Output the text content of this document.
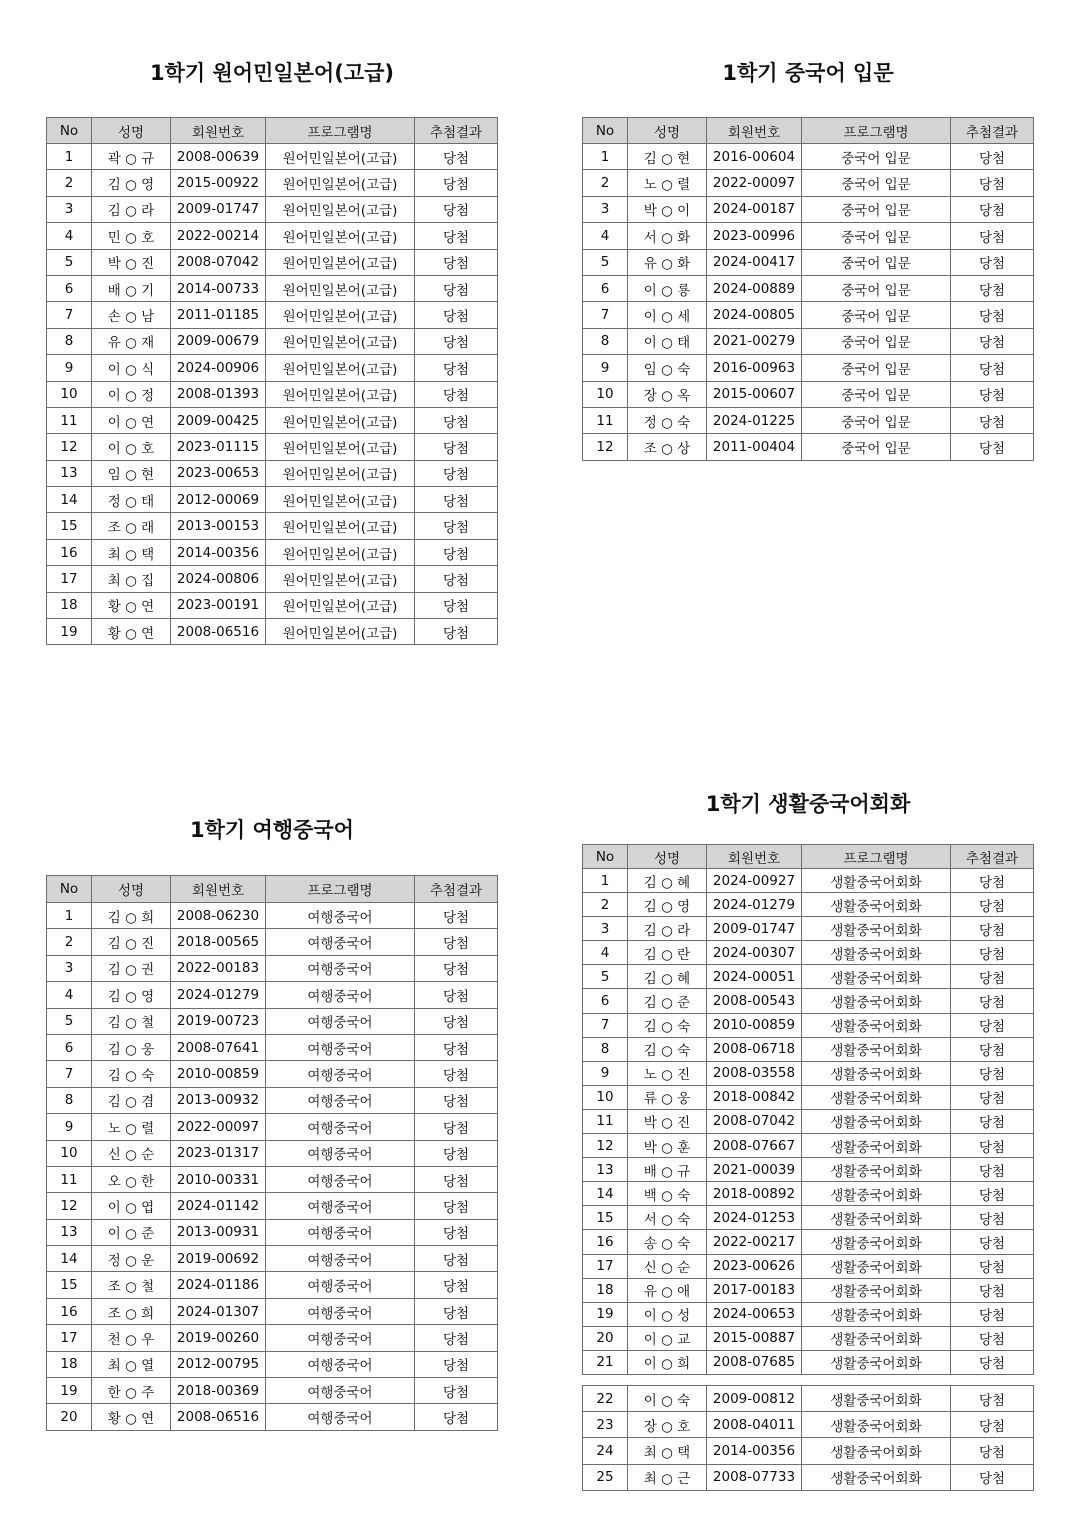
1학기 원어민일본어(고급)	1학기 중국어 입문
1학기 여행중국어
1학기 생활중국어회화
No	성명	회원번호	프로그램명	추첨결과
1	곽 ○ 규	2008-00639	원어민일본어(고급)	당첨
2	김 ○ 영	2015-00922	원어민일본어(고급)	당첨
3	김 ○ 라	2009-01747	원어민일본어(고급)	당첨
4	민 ○ 호	2022-00214	원어민일본어(고급)	당첨
5	박 ○ 진	2008-07042	원어민일본어(고급)	당첨
6	배 ○ 기	2014-00733	원어민일본어(고급)	당첨
7	손 ○ 남	2011-01185	원어민일본어(고급)	당첨
8	유 ○ 재	2009-00679	원어민일본어(고급)	당첨
9	이 ○ 식	2024-00906	원어민일본어(고급)	당첨
10	이 ○ 정	2008-01393	원어민일본어(고급)	당첨
11	이 ○ 연	2009-00425	원어민일본어(고급)	당첨
12	이 ○ 호	2023-01115	원어민일본어(고급)	당첨
13	임 ○ 현	2023-00653	원어민일본어(고급)	당첨
14	정 ○ 태	2012-00069	원어민일본어(고급)	당첨
15	조 ○ 래	2013-00153	원어민일본어(고급)	당첨
16	최 ○ 택	2014-00356	원어민일본어(고급)	당첨
17	최 ○ 집	2024-00806	원어민일본어(고급)	당첨
18	황 ○ 연	2023-00191	원어민일본어(고급)	당첨
19	황 ○ 연	2008-06516	원어민일본어(고급)	당첨
No	성명	회원번호	프로그램명	추첨결과
1	김 ○ 현	2016-00604	중국어 입문	당첨
2	노 ○ 렬	2022-00097	중국어 입문	당첨
3	박 ○ 이	2024-00187	중국어 입문	당첨
4	서 ○ 화	2023-00996	중국어 입문	당첨
5	유 ○ 화	2024-00417	중국어 입문	당첨
6	이 ○ 룡	2024-00889	중국어 입문	당첨
7	이 ○ 세	2024-00805	중국어 입문	당첨
8	이 ○ 태	2021-00279	중국어 입문	당첨
9	임 ○ 숙	2016-00963	중국어 입문	당첨
10	장 ○ 옥	2015-00607	중국어 입문	당첨
11	정 ○ 숙	2024-01225	중국어 입문	당첨
12	조 ○ 상	2011-00404	중국어 입문	당첨
No	성명	회원번호	프로그램명	추첨결과
1	김 ○ 희	2008-06230	여행중국어	당첨
2	김 ○ 진	2018-00565	여행중국어	당첨
3	김 ○ 권	2022-00183	여행중국어	당첨
4	김 ○ 영	2024-01279	여행중국어	당첨
5	김 ○ 철	2019-00723	여행중국어	당첨
6	김 ○ 웅	2008-07641	여행중국어	당첨
7	김 ○ 숙	2010-00859	여행중국어	당첨
8	김 ○ 겸	2013-00932	여행중국어	당첨
9	노 ○ 렬	2022-00097	여행중국어	당첨
10	신 ○ 순	2023-01317	여행중국어	당첨
11	오 ○ 한	2010-00331	여행중국어	당첨
12	이 ○ 엽	2024-01142	여행중국어	당첨
13	이 ○ 준	2013-00931	여행중국어	당첨
14	정 ○ 운	2019-00692	여행중국어	당첨
15	조 ○ 철	2024-01186	여행중국어	당첨
16	조 ○ 희	2024-01307	여행중국어	당첨
17	천 ○ 우	2019-00260	여행중국어	당첨
18	최 ○ 열	2012-00795	여행중국어	당첨
19	한 ○ 주	2018-00369	여행중국어	당첨
20	황 ○ 연	2008-06516	여행중국어	당첨
No	성명	회원번호	프로그램명	추첨결과
1	김 ○ 혜	2024-00927	생활중국어회화	당첨
2	김 ○ 영	2024-01279	생활중국어회화	당첨
3	김 ○ 라	2009-01747	생활중국어회화	당첨
4	김 ○ 란	2024-00307	생활중국어회화	당첨
5	김 ○ 혜	2024-00051	생활중국어회화	당첨
6	김 ○ 준	2008-00543	생활중국어회화	당첨
7	김 ○ 숙	2010-00859	생활중국어회화	당첨
8	김 ○ 숙	2008-06718	생활중국어회화	당첨
9	노 ○ 진	2008-03558	생활중국어회화	당첨
10	류 ○ 웅	2018-00842	생활중국어회화	당첨
11	박 ○ 진	2008-07042	생활중국어회화	당첨
12	박 ○ 훈	2008-07667	생활중국어회화	당첨
13	배 ○ 규	2021-00039	생활중국어회화	당첨
14	백 ○ 숙	2018-00892	생활중국어회화	당첨
15	서 ○ 숙	2024-01253	생활중국어회화	당첨
16	송 ○ 숙	2022-00217	생활중국어회화	당첨
17	신 ○ 순	2023-00626	생활중국어회화	당첨
18	유 ○ 애	2017-00183	생활중국어회화	당첨
19	이 ○ 성	2024-00653	생활중국어회화	당첨
20	이 ○ 교	2015-00887	생활중국어회화	당첨
21	이 ○ 희	2008-07685	생활중국어회화	당첨
22	이 ○ 숙	2009-00812	생활중국어회화	당첨
23	장 ○ 호	2008-04011	생활중국어회화	당첨
24	최 ○ 택	2014-00356	생활중국어회화	당첨
25	최 ○ 근	2008-07733	생활중국어회화	당첨
